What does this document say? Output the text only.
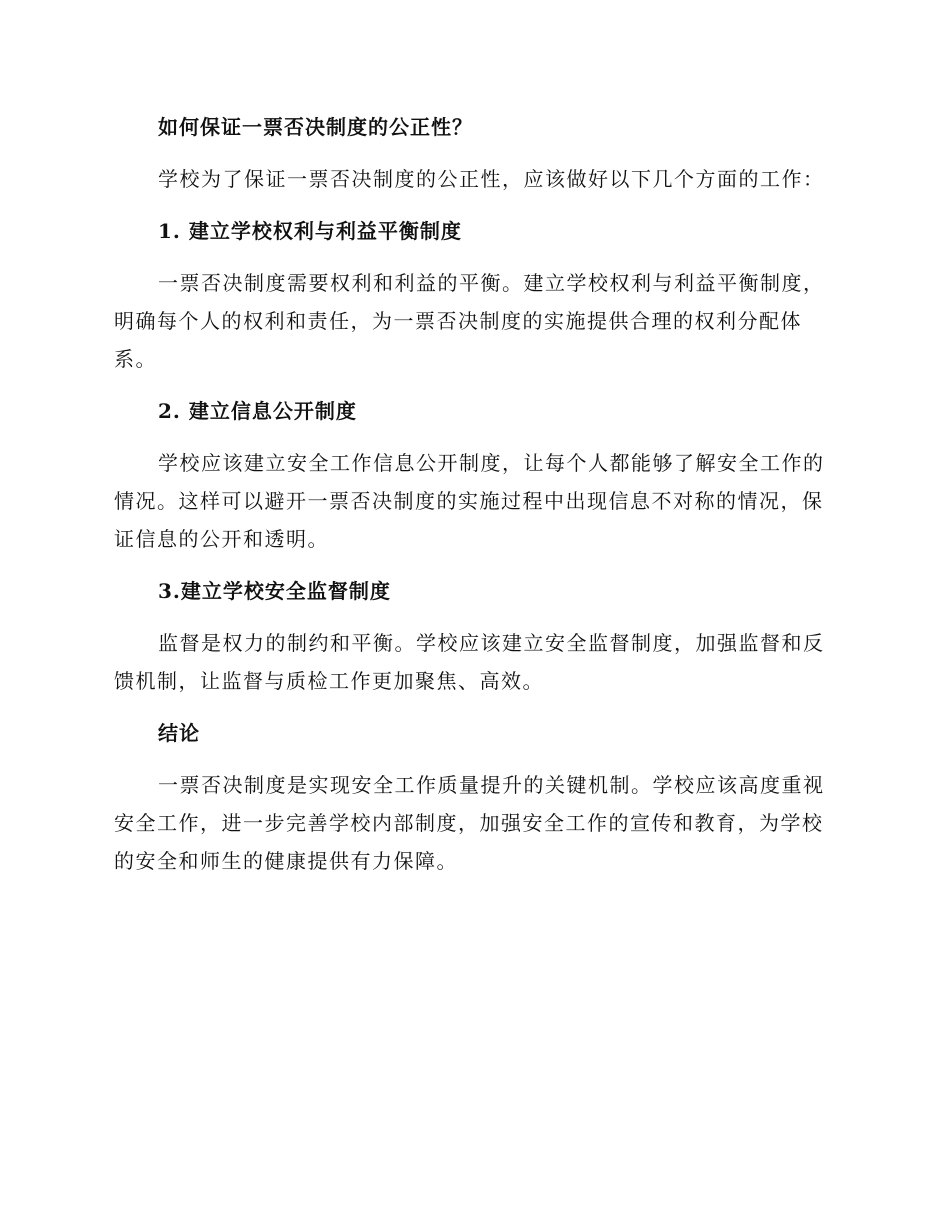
如何保证一票否决制度的公正性？

学校为了保证一票否决制度的公正性，应该做好以下几个方面的工作：

1. 建立学校权利与利益平衡制度

一票否决制度需要权利和利益的平衡。建立学校权利与利益平衡制度，

明确每个人的权利和责任，为一票否决制度的实施提供合理的权利分配体

系。

2. 建立信息公开制度

学校应该建立安全工作信息公开制度，让每个人都能够了解安全工作的

情况。这样可以避开一票否决制度的实施过程中出现信息不对称的情况，保

证信息的公开和透明。

3.建立学校安全监督制度

监督是权力的制约和平衡。学校应该建立安全监督制度，加强监督和反

馈机制，让监督与质检工作更加聚焦、高效。

结论

一票否决制度是实现安全工作质量提升的关键机制。学校应该高度重视

安全工作，进一步完善学校内部制度，加强安全工作的宣传和教育，为学校

的安全和师生的健康提供有力保障。
